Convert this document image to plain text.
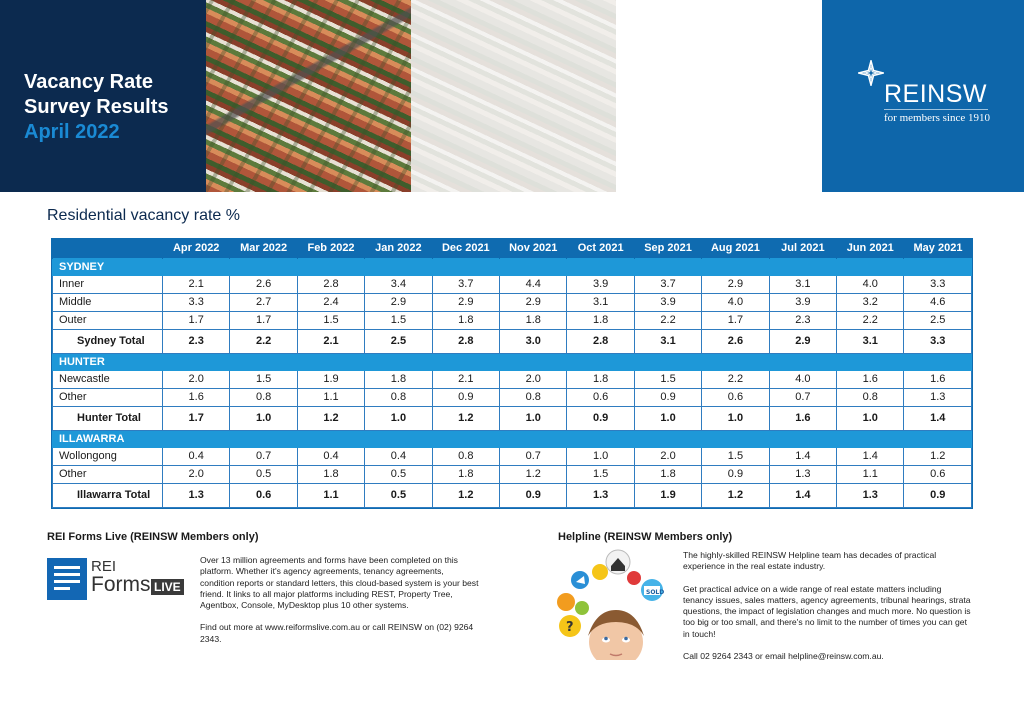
Vacancy Rate
Survey Results
April 2022
REINSW
for members since 1910
Residential vacancy rate %
	Apr 2022	Mar 2022	Feb 2022	Jan 2022	Dec 2021	Nov 2021	Oct 2021	Sep 2021	Aug 2021	Jul 2021	Jun 2021	May 2021
SYDNEY												
Inner	2.1	2.6	2.8	3.4	3.7	4.4	3.9	3.7	2.9	3.1	4.0	3.3
Middle	3.3	2.7	2.4	2.9	2.9	2.9	3.1	3.9	4.0	3.9	3.2	4.6
Outer	1.7	1.7	1.5	1.5	1.8	1.8	1.8	2.2	1.7	2.3	2.2	2.5
Sydney Total	2.3	2.2	2.1	2.5	2.8	3.0	2.8	3.1	2.6	2.9	3.1	3.3
HUNTER												
Newcastle	2.0	1.5	1.9	1.8	2.1	2.0	1.8	1.5	2.2	4.0	1.6	1.6
Other	1.6	0.8	1.1	0.8	0.9	0.8	0.6	0.9	0.6	0.7	0.8	1.3
Hunter Total	1.7	1.0	1.2	1.0	1.2	1.0	0.9	1.0	1.0	1.6	1.0	1.4
ILLAWARRA												
Wollongong	0.4	0.7	0.4	0.4	0.8	0.7	1.0	2.0	1.5	1.4	1.4	1.2
Other	2.0	0.5	1.8	0.5	1.8	1.2	1.5	1.8	0.9	1.3	1.1	0.6
Illawarra Total	1.3	0.6	1.1	0.5	1.2	0.9	1.3	1.9	1.2	1.4	1.3	0.9
REI Forms Live (REINSW Members only)
REI
Forms LIVE

Over 13 million agreements and forms have been completed on this platform. Whether it's agency agreements, tenancy agreements, condition reports or standard letters, this cloud-based system is your best friend. It links to all major platforms including REST, Property Tree, Agentbox, Console, MyDesktop plus 10 other systems.

Find out more at www.reiformslive.com.au or call REINSW on (02) 9264 2343.

Helpline (REINSW Members only)
?
SOLD

The highly-skilled REINSW Helpline team has decades of practical experience in the real estate industry.

Get practical advice on a wide range of real estate matters including tenancy issues, sales matters, agency agreements, tribunal hearings, strata questions, the impact of legislation changes and much more. No question is too big or too small, and there's no limit to the number of times you can get in touch!

Call 02 9264 2343 or email helpline@reinsw.com.au.
